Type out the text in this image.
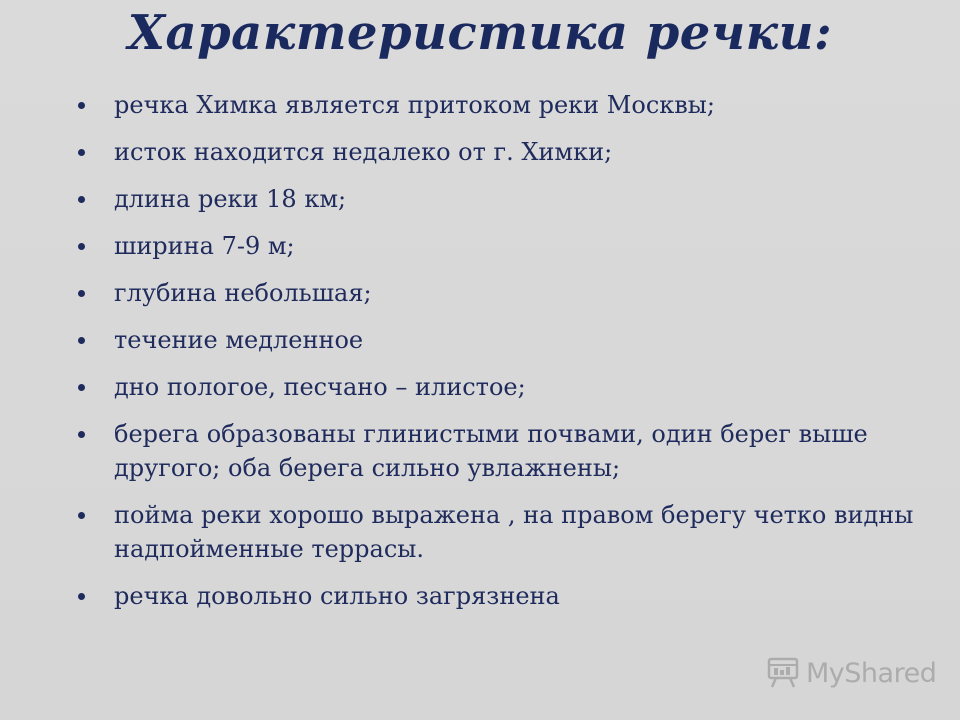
Характеристика речки:
речка Химка является притоком реки Москвы;
исток находится недалеко от г. Химки;
длина реки 18 км;
ширина 7-9 м;
глубина небольшая;
течение медленное
дно пологое, песчано – илистое;
берега образованы глинистыми почвами, один берег выше другого; оба берега сильно увлажнены;
пойма реки хорошо выражена , на правом берегу четко видны надпойменные террасы.
речка довольно сильно загрязнена
MyShared
